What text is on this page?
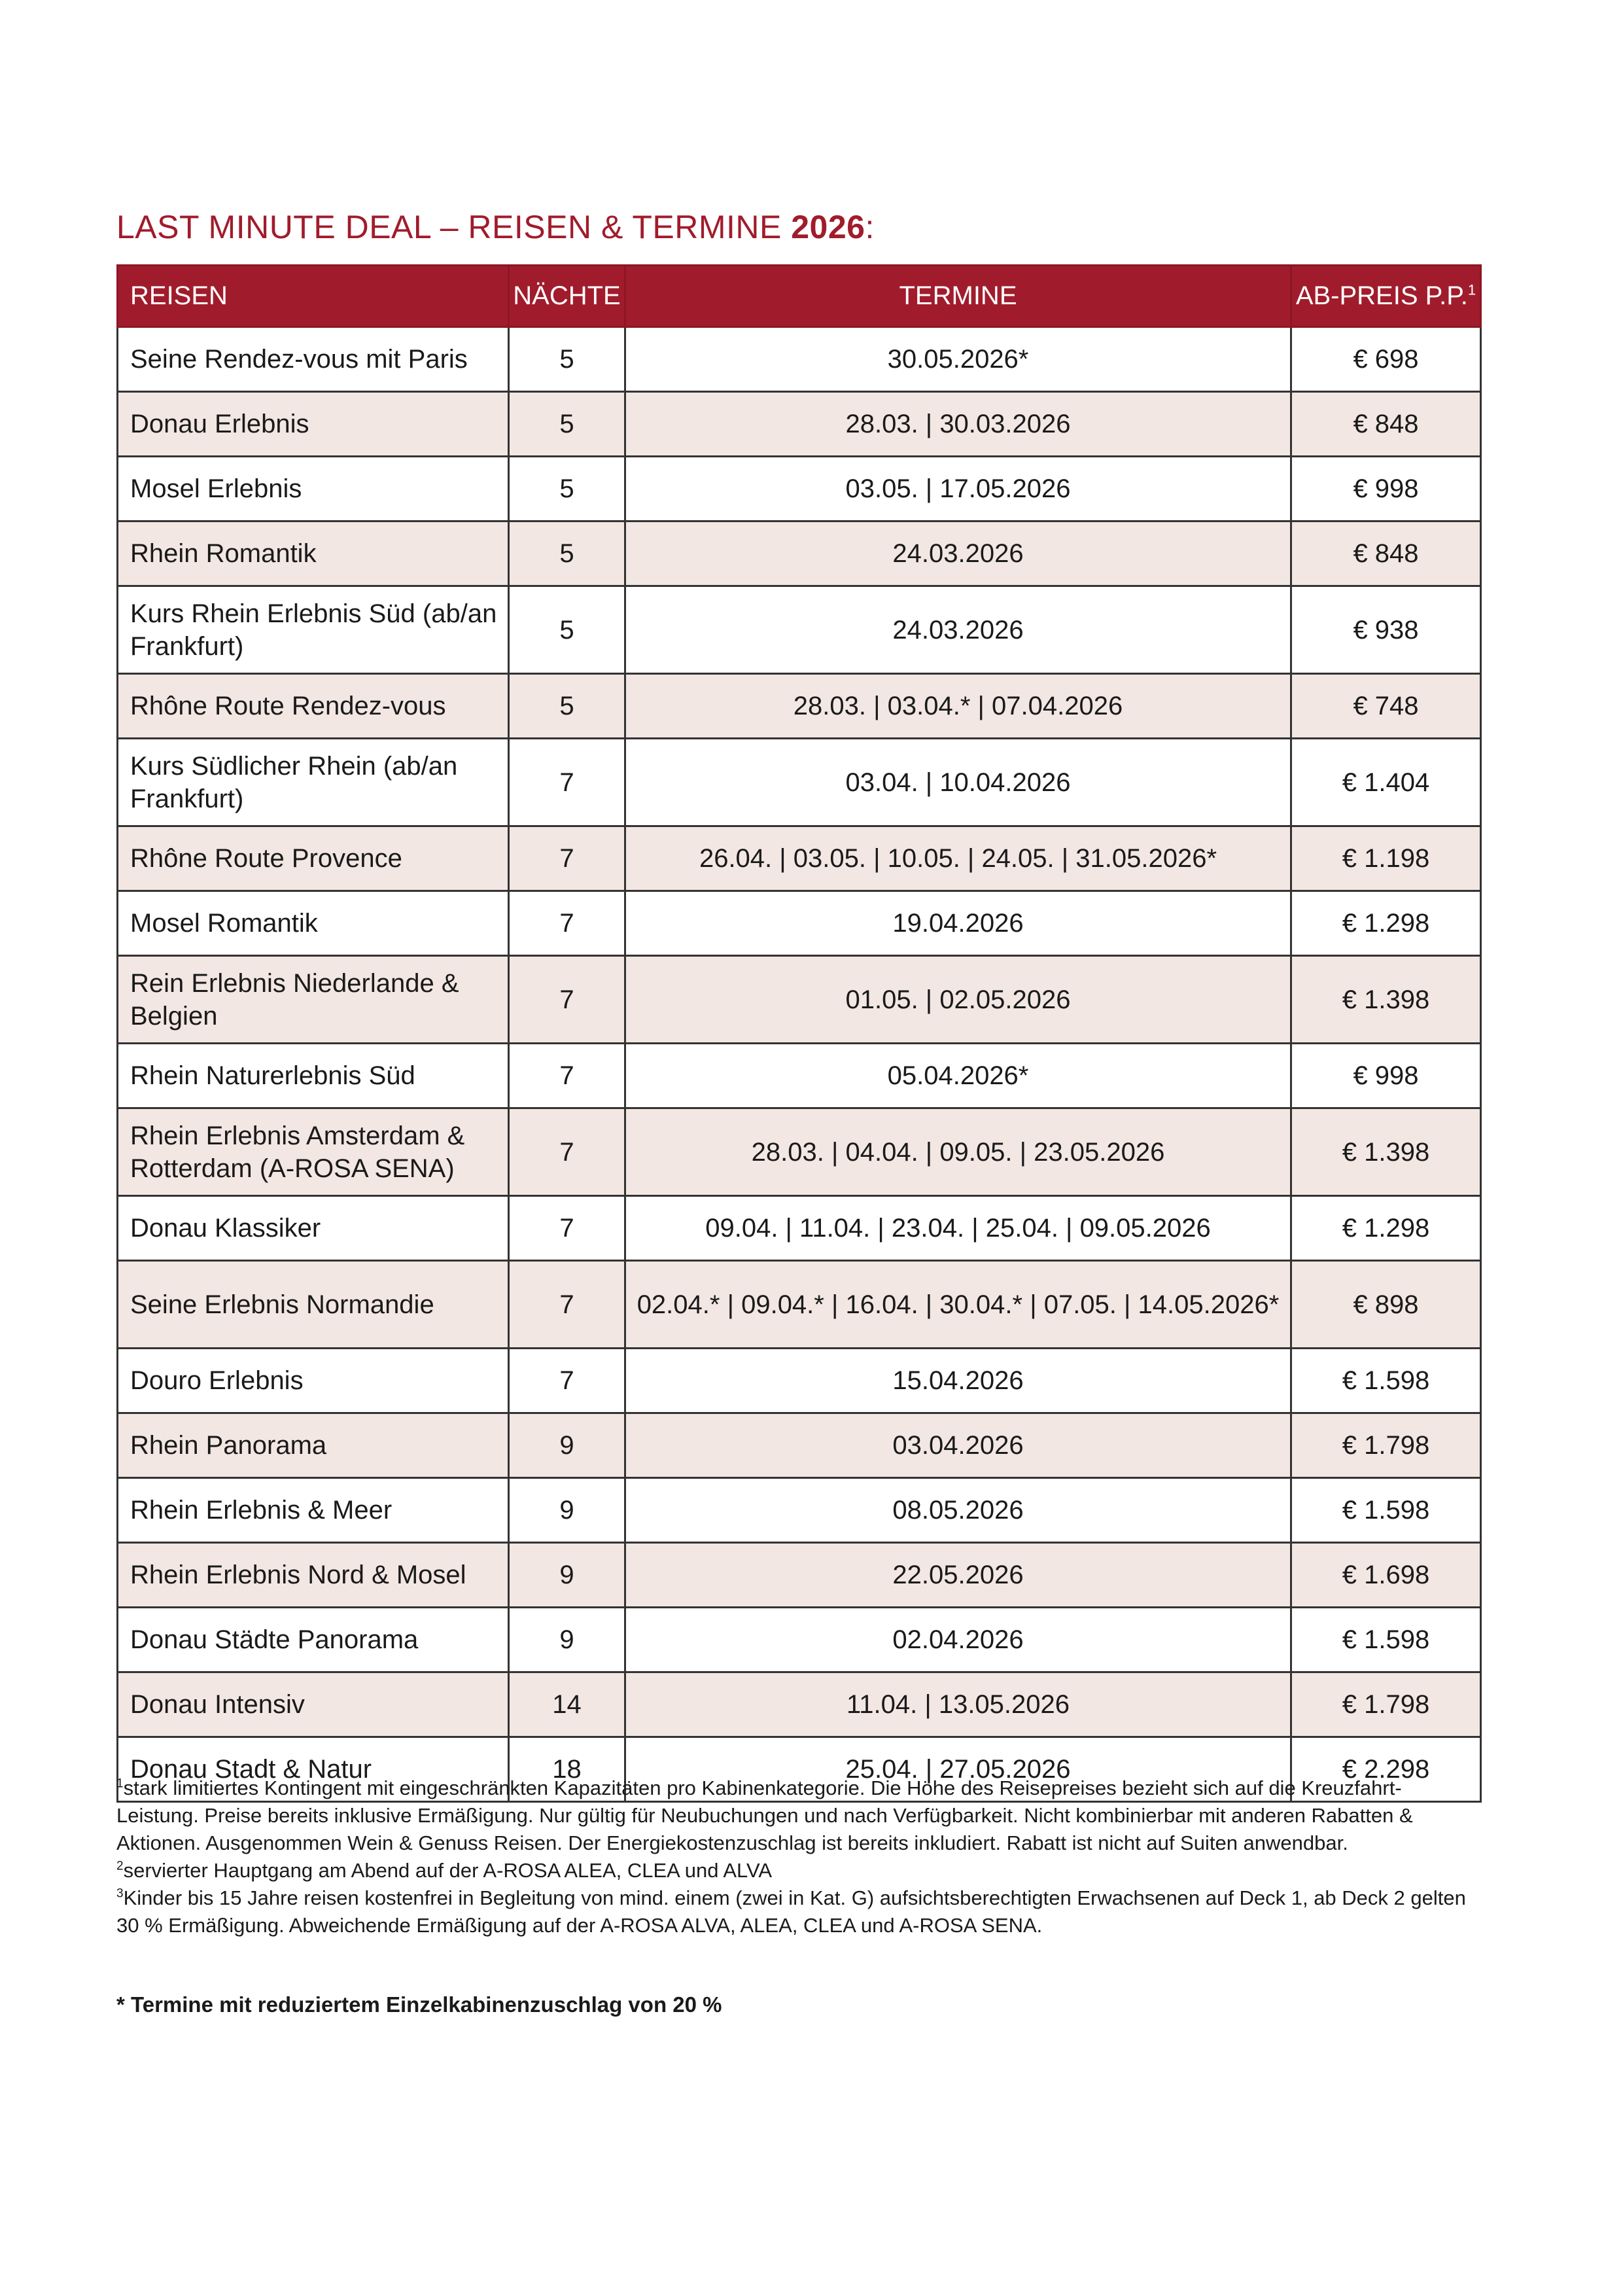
LAST MINUTE DEAL – REISEN & TERMINE 2026:
REISEN	NÄCHTE	TERMINE	AB-PREIS P.P.$^1$
Seine Rendez-vous mit Paris	5	30.05.2026*	€ 698
Donau Erlebnis	5	28.03. | 30.03.2026	€ 848
Mosel Erlebnis	5	03.05. | 17.05.2026	€ 998
Rhein Romantik	5	24.03.2026	€ 848
Kurs Rhein Erlebnis Süd (ab/an Frankfurt)	5	24.03.2026	€ 938
Rhône Route Rendez-vous	5	28.03. | 03.04.* | 07.04.2026	€ 748
Kurs Südlicher Rhein (ab/an Frankfurt)	7	03.04. | 10.04.2026	€ 1.404
Rhône Route Provence	7	26.04. | 03.05. | 10.05. | 24.05. | 31.05.2026*	€ 1.198
Mosel Romantik	7	19.04.2026	€ 1.298
Rein Erlebnis Niederlande & Belgien	7	01.05. | 02.05.2026	€ 1.398
Rhein Naturerlebnis Süd	7	05.04.2026*	€ 998
Rhein Erlebnis Amsterdam & Rotterdam (A-ROSA SENA)	7	28.03. | 04.04. | 09.05. | 23.05.2026	€ 1.398
Donau Klassiker	7	09.04. | 11.04. | 23.04. | 25.04. | 09.05.2026	€ 1.298
Seine Erlebnis Normandie	7	02.04.* | 09.04.* | 16.04. | 30.04.* | 07.05. | 14.05.2026*	€ 898
Douro Erlebnis	7	15.04.2026	€ 1.598
Rhein Panorama	9	03.04.2026	€ 1.798
Rhein Erlebnis & Meer	9	08.05.2026	€ 1.598
Rhein Erlebnis Nord & Mosel	9	22.05.2026	€ 1.698
Donau Städte Panorama	9	02.04.2026	€ 1.598
Donau Intensiv	14	11.04. | 13.05.2026	€ 1.798
Donau Stadt & Natur	18	25.04. | 27.05.2026	€ 2.298

$^1$stark limitiertes Kontingent mit eingeschränkten Kapazitäten pro Kabinenkategorie. Die Höhe des Reisepreises bezieht sich auf die Kreuzfahrt-Leistung. Preise bereits inklusive Ermäßigung. Nur gültig für Neubuchungen und nach Verfügbarkeit. Nicht kombinierbar mit anderen Rabatten & Aktionen. Ausgenommen Wein & Genuss Reisen. Der Energiekostenzuschlag ist bereits inkludiert. Rabatt ist nicht auf Suiten anwendbar.

$^2$servierter Hauptgang am Abend auf der A-ROSA ALEA, CLEA und ALVA

$^3$Kinder bis 15 Jahre reisen kostenfrei in Begleitung von mind. einem (zwei in Kat. G) aufsichtsberechtigten Erwachsenen auf Deck 1, ab Deck 2 gelten 30 % Ermäßigung. Abweichende Ermäßigung auf der A-ROSA ALVA, ALEA, CLEA und A-ROSA SENA.

* Termine mit reduziertem Einzelkabinenzuschlag von 20 %
